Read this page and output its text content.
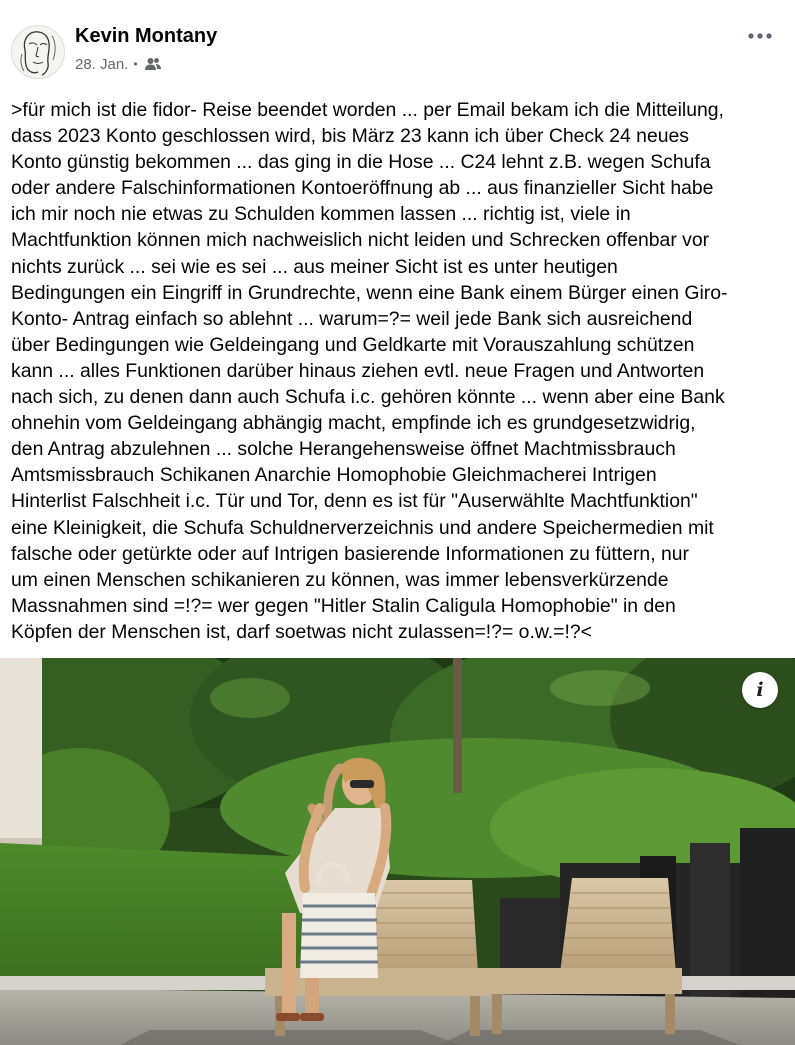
Kevin Montany
28. Jan. •
>für mich ist die fidor- Reise beendet worden ... per Email bekam ich die Mitteilung,
dass 2023 Konto geschlossen wird, bis März 23 kann ich über Check 24 neues
Konto günstig bekommen ... das ging in die Hose ... C24 lehnt z.B. wegen Schufa
oder andere Falschinformationen Kontoeröffnung ab ... aus finanzieller Sicht habe
ich mir noch nie etwas zu Schulden kommen lassen ... richtig ist, viele in
Machtfunktion können mich nachweislich nicht leiden und Schrecken offenbar vor
nichts zurück ... sei wie es sei ... aus meiner Sicht ist es unter heutigen
Bedingungen ein Eingriff in Grundrechte, wenn eine Bank einem Bürger einen Giro-
Konto- Antrag einfach so ablehnt ... warum=?= weil jede Bank sich ausreichend
über Bedingungen wie Geldeingang und Geldkarte mit Vorauszahlung schützen
kann ... alles Funktionen darüber hinaus ziehen evtl. neue Fragen und Antworten
nach sich, zu denen dann auch Schufa i.c. gehören könnte ... wenn aber eine Bank
ohnehin vom Geldeingang abhängig macht, empfinde ich es grundgesetzwidrig,
den Antrag abzulehnen ... solche Herangehensweise öffnet Machtmissbrauch
Amtsmissbrauch Schikanen Anarchie Homophobie Gleichmacherei Intrigen
Hinterlist Falschheit i.c. Tür und Tor, denn es ist für "Auserwählte Machtfunktion"
eine Kleinigkeit, die Schufa Schuldnerverzeichnis und andere Speichermedien mit
falsche oder getürkte oder auf Intrigen basierende Informationen zu füttern, nur
um einen Menschen schikanieren zu können, was immer lebensverkürzende
Massnahmen sind =!?= wer gegen "Hitler Stalin Caligula Homophobie" in den
Köpfen der Menschen ist, darf soetwas nicht zulassen=!?= o.w.=!?<
i
